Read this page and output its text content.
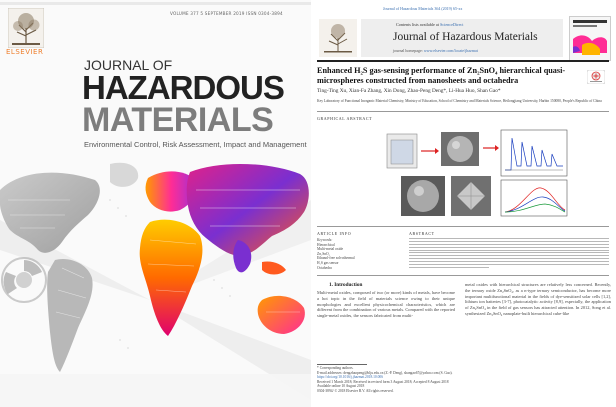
ELSEVIER
VOLUME 377 5 SEPTEMBER 2019 ISSN 0304-3894
JOURNAL OF
HAZARDOUS
MATERIALS
Environmental Control, Risk Assessment, Impact and Management
Journal of Hazardous Materials 364 (2019) 65-xx
Contents lists available at ScienceDirect
Journal of Hazardous Materials
journal homepage: www.elsevier.com/locate/jhazmat
Enhanced H₂S gas-sensing performance of Zn₂SnO₄ hierarchical quasi-microspheres constructed from nanosheets and octahedra
Ting-Ting Xu, Xian-Fa Zhang, Xin Dong, Zhao-Peng Deng*, Li-Hua Huo, Shan Gao*
Key Laboratory of Functional Inorganic Material Chemistry, Ministry of Education, School of Chemistry and Materials Science, Heilongjiang University, Harbin 150080, People's Republic of China
GRAPHICAL ABSTRACT
ARTICLE INFO	ABSTRACT
Keywords:
Hierarchical
Multi-metal oxide
Zn₂SnO₄
Ethanol-free solvothermal
H₂S gas sensor
Octahedra
1. Introduction
Multi-metal oxides, composed of two (or more) kinds of metals, have become a hot topic in the field of materials science owing to their unique morphologies and excellent physicochemical characteristics, which are different from the combination of various metals. Compared with the reported single-metal oxides, the sensors fabricated from multi-
metal oxides with hierarchical structures are relatively less concerned. Recently, the ternary oxide Zn₂SnO₄, as a n-type ternary semiconductor, has become more important multifunctional material in the fields of dye-sensitized solar cells [1,2], lithium ion batteries [3-7], photocatalytic activity [8,9], especially, the application of Zn₂SnO₄ in the field of gas sensors has attracted attention. In 2012, Song et al. synthesized Zn₂SnO₄ nanoplate-built hierarchical cube-like
* Corresponding authors.
E-mail addresses: dengzhaopeng@hlju.edu.cn (Z.-P. Deng), shangao67@yahoo.com (S. Gao).
https://doi.org/10.1016/j.jhazmat.2018.10.006
Received 1 March 2018; Received in revised form 3 August 2018; Accepted 8 August 2018
Available online 10 August 2018
0304-3894/ © 2018 Elsevier B.V. All rights reserved.
